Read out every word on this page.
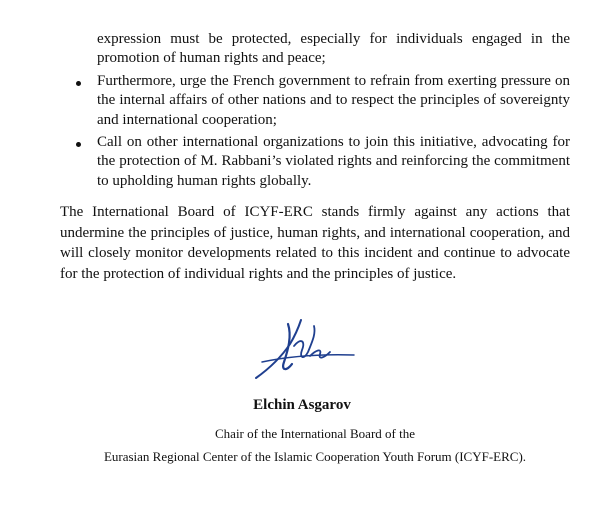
expression must be protected, especially for individuals engaged in the promotion of human rights and peace;
Furthermore, urge the French government to refrain from exerting pressure on the internal affairs of other nations and to respect the principles of sovereignty and international cooperation;
Call on other international organizations to join this initiative, advocating for the protection of M. Rabbani’s violated rights and reinforcing the commitment to upholding human rights globally.

The International Board of ICYF-ERC stands firmly against any actions that undermine the principles of justice, human rights, and international cooperation, and will closely monitor developments related to this incident and continue to advocate for the protection of individual rights and the principles of justice.

Elchin Asgarov

Chair of the International Board of the

Eurasian Regional Center of the Islamic Cooperation Youth Forum (ICYF-ERC).
